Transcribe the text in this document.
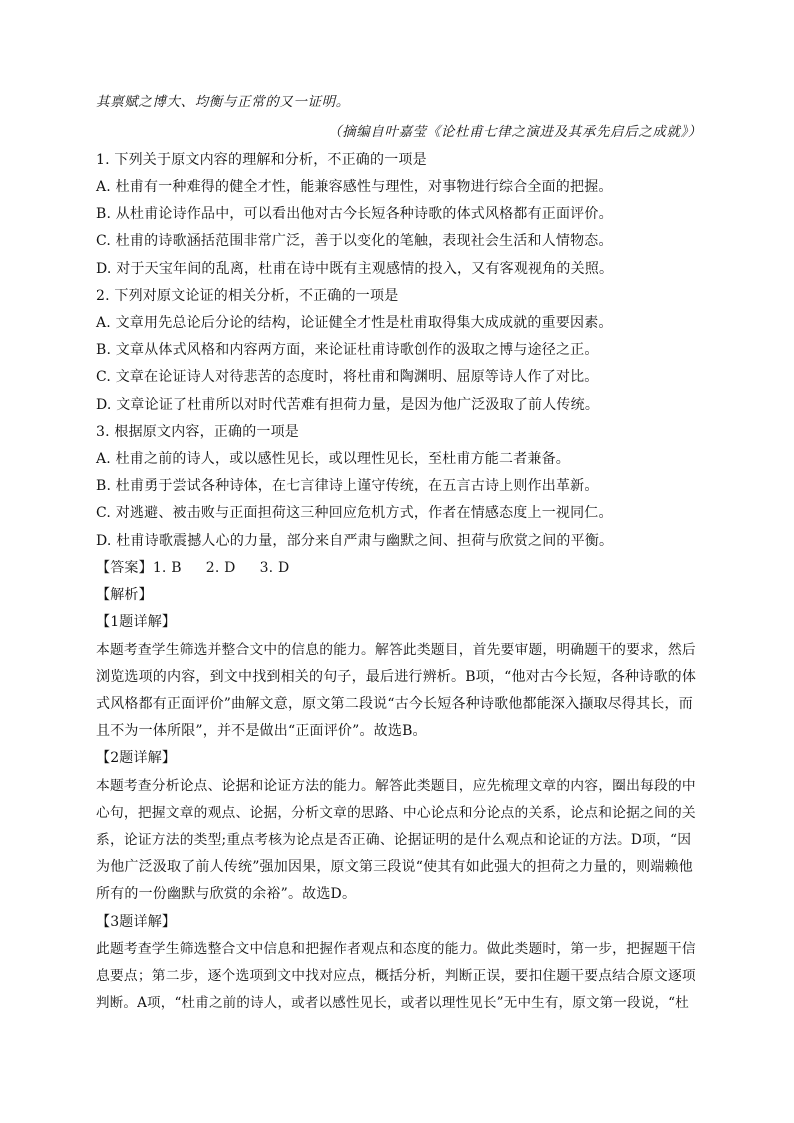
其禀赋之博大、均衡与正常的又一证明。
（摘编自叶嘉莹《论杜甫七律之演进及其承先启后之成就》）
1. 下列关于原文内容的理解和分析，不正确的一项是
A. 杜甫有一种难得的健全才性，能兼容感性与理性，对事物进行综合全面的把握。
B. 从杜甫论诗作品中，可以看出他对古今长短各种诗歌的体式风格都有正面评价。
C. 杜甫的诗歌涵括范围非常广泛，善于以变化的笔触，表现社会生活和人情物态。
D. 对于天宝年间的乱离，杜甫在诗中既有主观感情的投入，又有客观视角的关照。
2. 下列对原文论证的相关分析，不正确的一项是
A. 文章用先总论后分论的结构，论证健全才性是杜甫取得集大成成就的重要因素。
B. 文章从体式风格和内容两方面，来论证杜甫诗歌创作的汲取之博与途径之正。
C. 文章在论证诗人对待悲苦的态度时，将杜甫和陶渊明、屈原等诗人作了对比。
D. 文章论证了杜甫所以对时代苦难有担荷力量，是因为他广泛汲取了前人传统。
3. 根据原文内容，正确的一项是
A. 杜甫之前的诗人，或以感性见长，或以理性见长，至杜甫方能二者兼备。
B. 杜甫勇于尝试各种诗体，在七言律诗上谨守传统，在五言古诗上则作出革新。
C. 对逃避、被击败与正面担荷这三种回应危机方式，作者在情感态度上一视同仁。
D. 杜甫诗歌震撼人心的力量，部分来自严肃与幽默之间、担荷与欣赏之间的平衡。
【答案】1. B 2. D 3. D
【解析】
【1题详解】
本题考查学生筛选并整合文中的信息的能力。解答此类题目，首先要审题，明确题干的要求，然后
浏览选项的内容，到文中找到相关的句子，最后进行辨析。B项，“他对古今长短，各种诗歌的体
式风格都有正面评价”曲解文意，原文第二段说“古今长短各种诗歌他都能深入撷取尽得其长，而
且不为一体所限”，并不是做出“正面评价”。故选B。
【2题详解】
本题考查分析论点、论据和论证方法的能力。解答此类题目，应先梳理文章的内容，圈出每段的中
心句，把握文章的观点、论据，分析文章的思路、中心论点和分论点的关系，论点和论据之间的关
系，论证方法的类型;重点考核为论点是否正确、论据证明的是什么观点和论证的方法。D项，“因
为他广泛汲取了前人传统”强加因果，原文第三段说“使其有如此强大的担荷之力量的，则端赖他
所有的一份幽默与欣赏的余裕”。故选D。
【3题详解】
此题考查学生筛选整合文中信息和把握作者观点和态度的能力。做此类题时，第一步，把握题干信
息要点；第二步，逐个选项到文中找对应点，概括分析，判断正误，要扣住题干要点结合原文逐项
判断。A项，“杜甫之前的诗人，或者以感性见长，或者以理性见长”无中生有，原文第一段说，“杜
